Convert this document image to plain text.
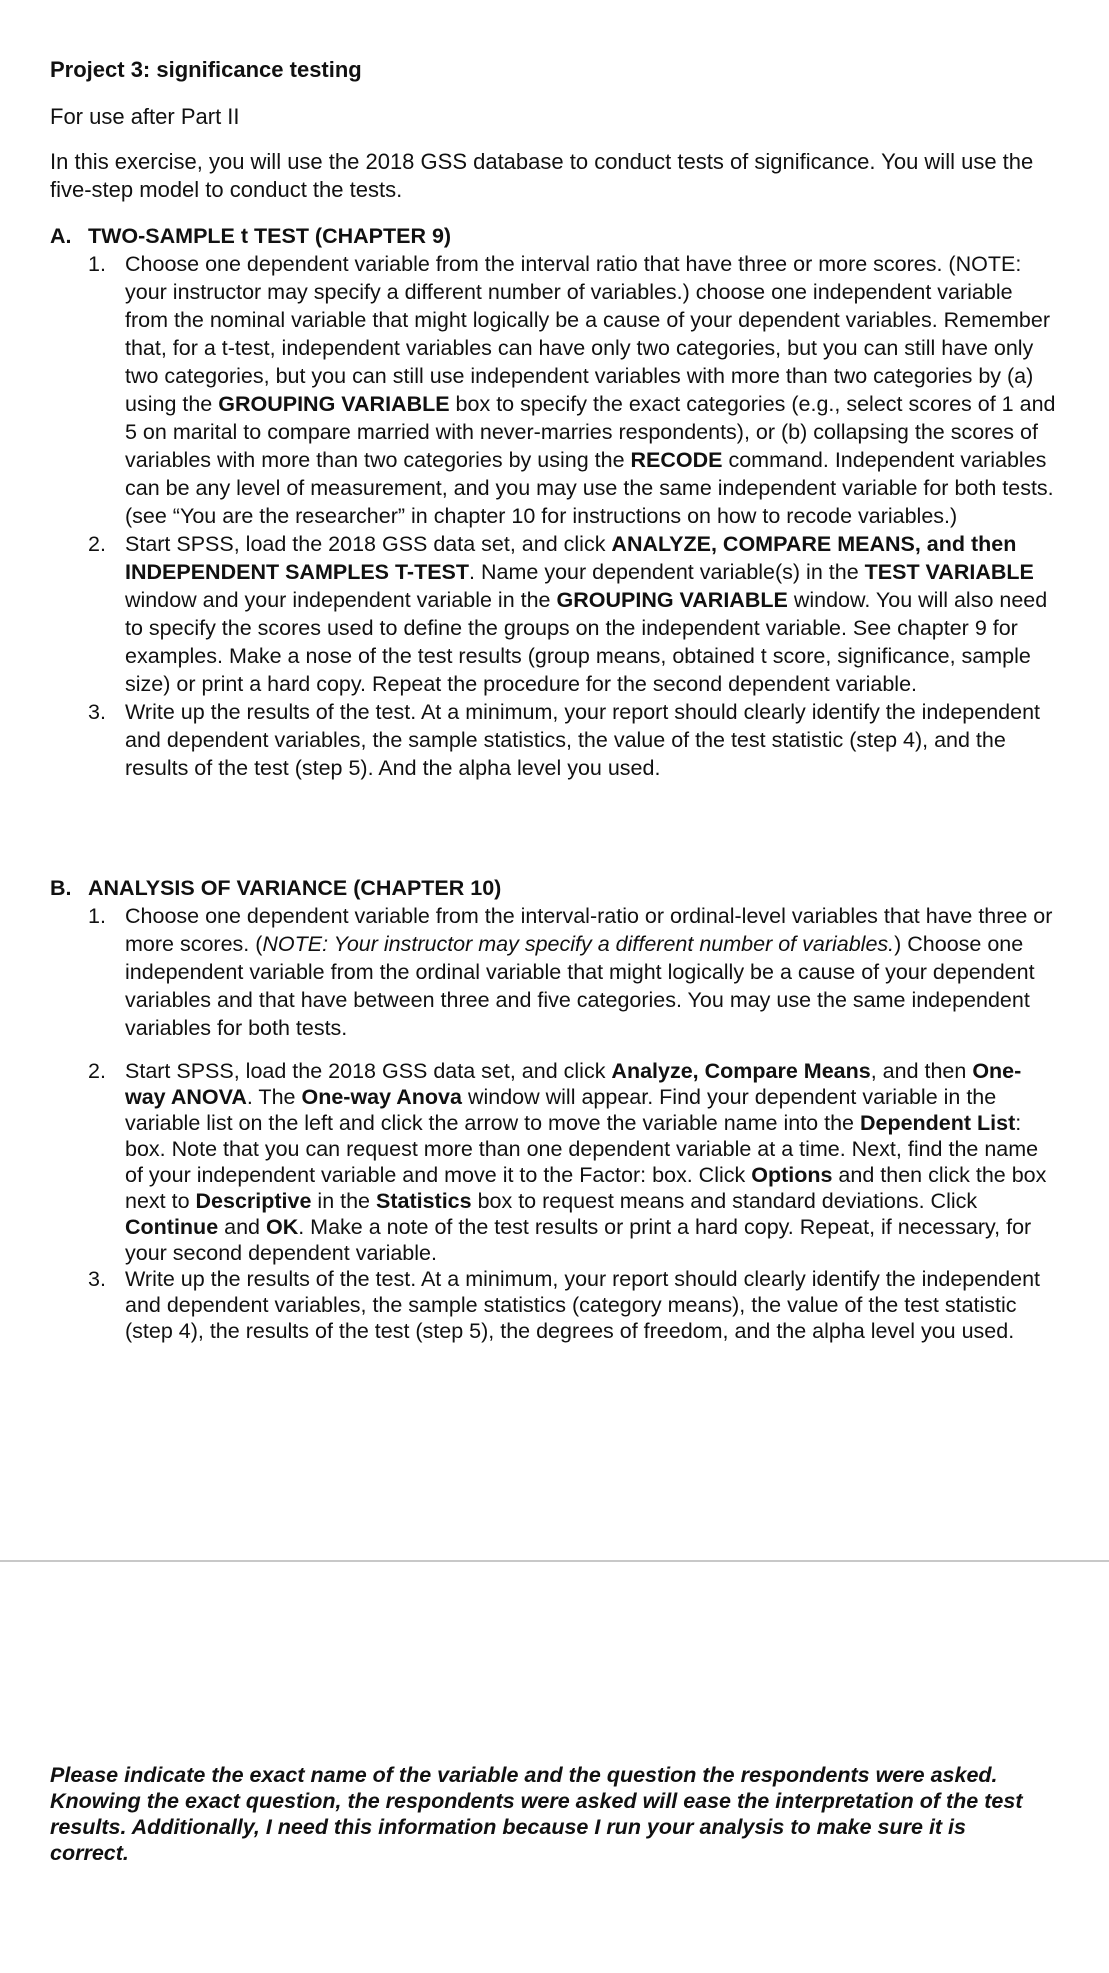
Project 3: significance testing
For use after Part II
In this exercise, you will use the 2018 GSS database to conduct tests of significance. You will use the five-step model to conduct the tests.
A. TWO-SAMPLE t TEST (CHAPTER 9)
1. Choose one dependent variable from the interval ratio that have three or more scores. (NOTE: your instructor may specify a different number of variables.) choose one independent variable from the nominal variable that might logically be a cause of your dependent variables. Remember that, for a t-test, independent variables can have only two categories, but you can still have only two categories, but you can still use independent variables with more than two categories by (a) using the GROUPING VARIABLE box to specify the exact categories (e.g., select scores of 1 and 5 on marital to compare married with never-marries respondents), or (b) collapsing the scores of variables with more than two categories by using the RECODE command. Independent variables can be any level of measurement, and you may use the same independent variable for both tests. (see “You are the researcher” in chapter 10 for instructions on how to recode variables.)
2. Start SPSS, load the 2018 GSS data set, and click ANALYZE, COMPARE MEANS, and then INDEPENDENT SAMPLES T-TEST. Name your dependent variable(s) in the TEST VARIABLE window and your independent variable in the GROUPING VARIABLE window. You will also need to specify the scores used to define the groups on the independent variable. See chapter 9 for examples. Make a nose of the test results (group means, obtained t score, significance, sample size) or print a hard copy. Repeat the procedure for the second dependent variable.
3. Write up the results of the test. At a minimum, your report should clearly identify the independent and dependent variables, the sample statistics, the value of the test statistic (step 4), and the results of the test (step 5). And the alpha level you used.
B. ANALYSIS OF VARIANCE (CHAPTER 10)
1. Choose one dependent variable from the interval-ratio or ordinal-level variables that have three or more scores. (NOTE: Your instructor may specify a different number of variables.) Choose one independent variable from the ordinal variable that might logically be a cause of your dependent variables and that have between three and five categories. You may use the same independent variables for both tests.
2. Start SPSS, load the 2018 GSS data set, and click Analyze, Compare Means, and then One-way ANOVA. The One-way Anova window will appear. Find your dependent variable in the variable list on the left and click the arrow to move the variable name into the Dependent List: box. Note that you can request more than one dependent variable at a time. Next, find the name of your independent variable and move it to the Factor: box. Click Options and then click the box next to Descriptive in the Statistics box to request means and standard deviations. Click Continue and OK. Make a note of the test results or print a hard copy. Repeat, if necessary, for your second dependent variable.
3. Write up the results of the test. At a minimum, your report should clearly identify the independent and dependent variables, the sample statistics (category means), the value of the test statistic (step 4), the results of the test (step 5), the degrees of freedom, and the alpha level you used.
Please indicate the exact name of the variable and the question the respondents were asked. Knowing the exact question, the respondents were asked will ease the interpretation of the test results. Additionally, I need this information because I run your analysis to make sure it is correct.
